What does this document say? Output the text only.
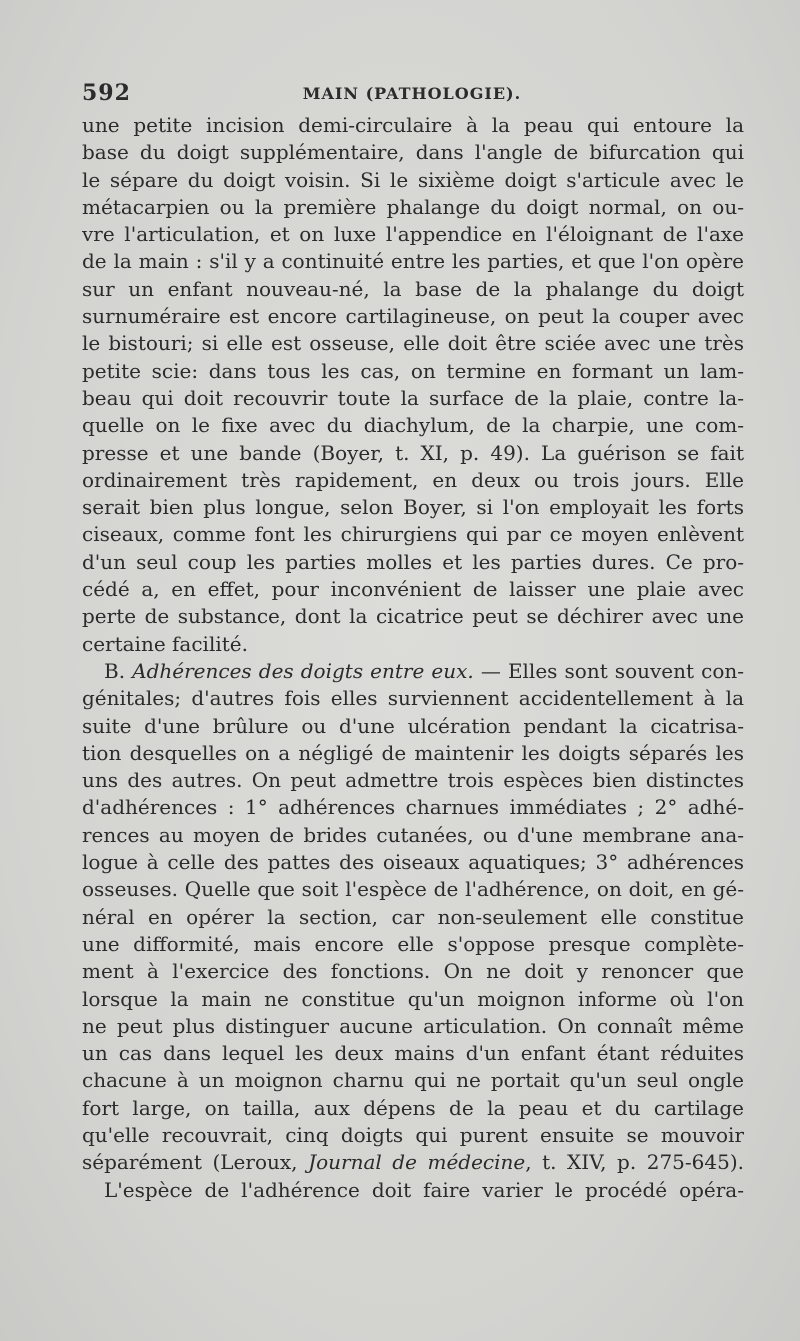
592	MAIN (PATHOLOGIE).
une petite incision demi-circulaire à la peau qui entoure la
base du doigt supplémentaire, dans l'angle de bifurcation qui
le sépare du doigt voisin. Si le sixième doigt s'articule avec le
métacarpien ou la première phalange du doigt normal, on ou-
vre l'articulation, et on luxe l'appendice en l'éloignant de l'axe
de la main : s'il y a continuité entre les parties, et que l'on opère
sur un enfant nouveau-né, la base de la phalange du doigt
surnuméraire est encore cartilagineuse, on peut la couper avec
le bistouri; si elle est osseuse, elle doit être sciée avec une très
petite scie: dans tous les cas, on termine en formant un lam-
beau qui doit recouvrir toute la surface de la plaie, contre la-
quelle on le fixe avec du diachylum, de la charpie, une com-
presse et une bande (Boyer, t. XI, p. 49). La guérison se fait
ordinairement très rapidement, en deux ou trois jours. Elle
serait bien plus longue, selon Boyer, si l'on employait les forts
ciseaux, comme font les chirurgiens qui par ce moyen enlèvent
d'un seul coup les parties molles et les parties dures. Ce pro-
cédé a, en effet, pour inconvénient de laisser une plaie avec
perte de substance, dont la cicatrice peut se déchirer avec une
certaine facilité.
B. Adhérences des doigts entre eux. — Elles sont souvent con-
génitales; d'autres fois elles surviennent accidentellement à la
suite d'une brûlure ou d'une ulcération pendant la cicatrisa-
tion desquelles on a négligé de maintenir les doigts séparés les
uns des autres. On peut admettre trois espèces bien distinctes
d'adhérences : 1° adhérences charnues immédiates ; 2° adhé-
rences au moyen de brides cutanées, ou d'une membrane ana-
logue à celle des pattes des oiseaux aquatiques; 3° adhérences
osseuses. Quelle que soit l'espèce de l'adhérence, on doit, en gé-
néral en opérer la section, car non-seulement elle constitue
une difformité, mais encore elle s'oppose presque complète-
ment à l'exercice des fonctions. On ne doit y renoncer que
lorsque la main ne constitue qu'un moignon informe où l'on
ne peut plus distinguer aucune articulation. On connaît même
un cas dans lequel les deux mains d'un enfant étant réduites
chacune à un moignon charnu qui ne portait qu'un seul ongle
fort large, on tailla, aux dépens de la peau et du cartilage
qu'elle recouvrait, cinq doigts qui purent ensuite se mouvoir
séparément (Leroux, Journal de médecine, t. XIV, p. 275-645).
L'espèce de l'adhérence doit faire varier le procédé opéra-
